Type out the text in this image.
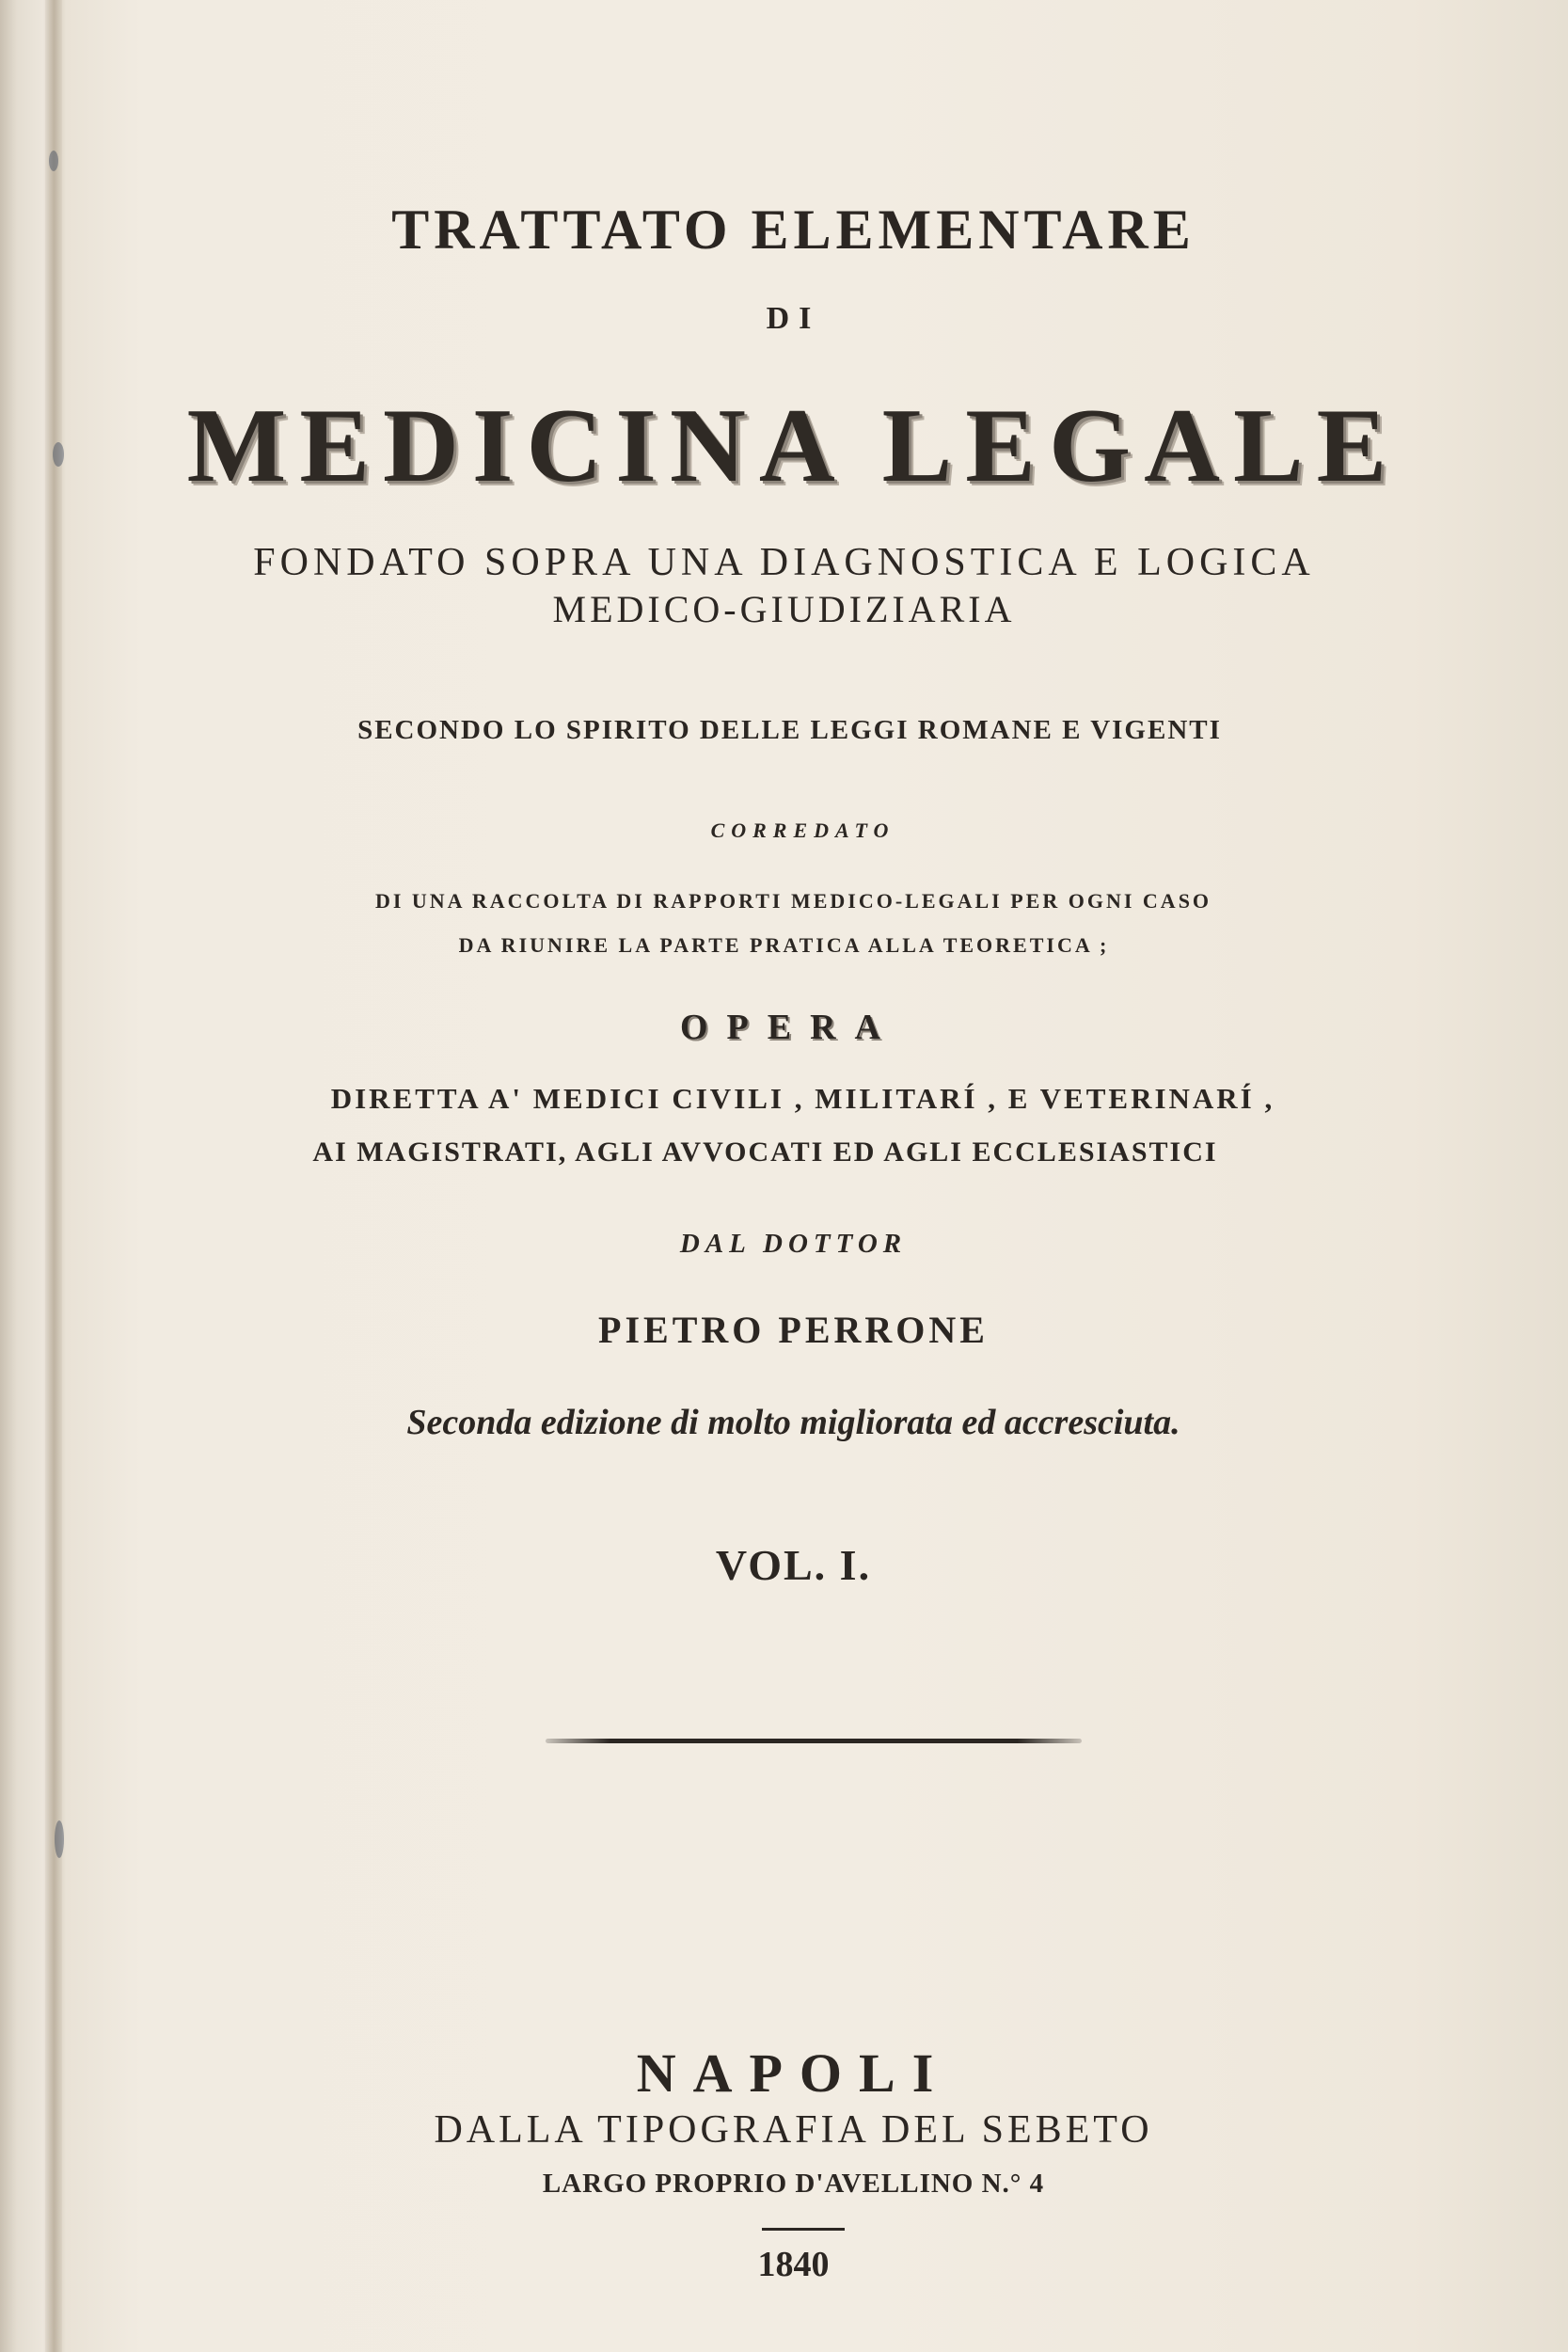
TRATTATO ELEMENTARE
DI
MEDICINA LEGALE
FONDATO SOPRA UNA DIAGNOSTICA E LOGICA
MEDICO-GIUDIZIARIA
SECONDO LO SPIRITO DELLE LEGGI ROMANE E VIGENTI
CORREDATO
DI UNA RACCOLTA DI RAPPORTI MEDICO-LEGALI PER OGNI CASO
DA RIUNIRE LA PARTE PRATICA ALLA TEORETICA ;
OPERA
DIRETTA A' MEDICI CIVILI , MILITARÍ , E VETERINARÍ ,
AI MAGISTRATI, AGLI AVVOCATI ED AGLI ECCLESIASTICI
DAL DOTTOR
PIETRO PERRONE
Seconda edizione di molto migliorata ed accresciuta.
VOL. I.
NAPOLI
DALLA TIPOGRAFIA DEL SEBETO
LARGO PROPRIO D'AVELLINO N.° 4
1840
